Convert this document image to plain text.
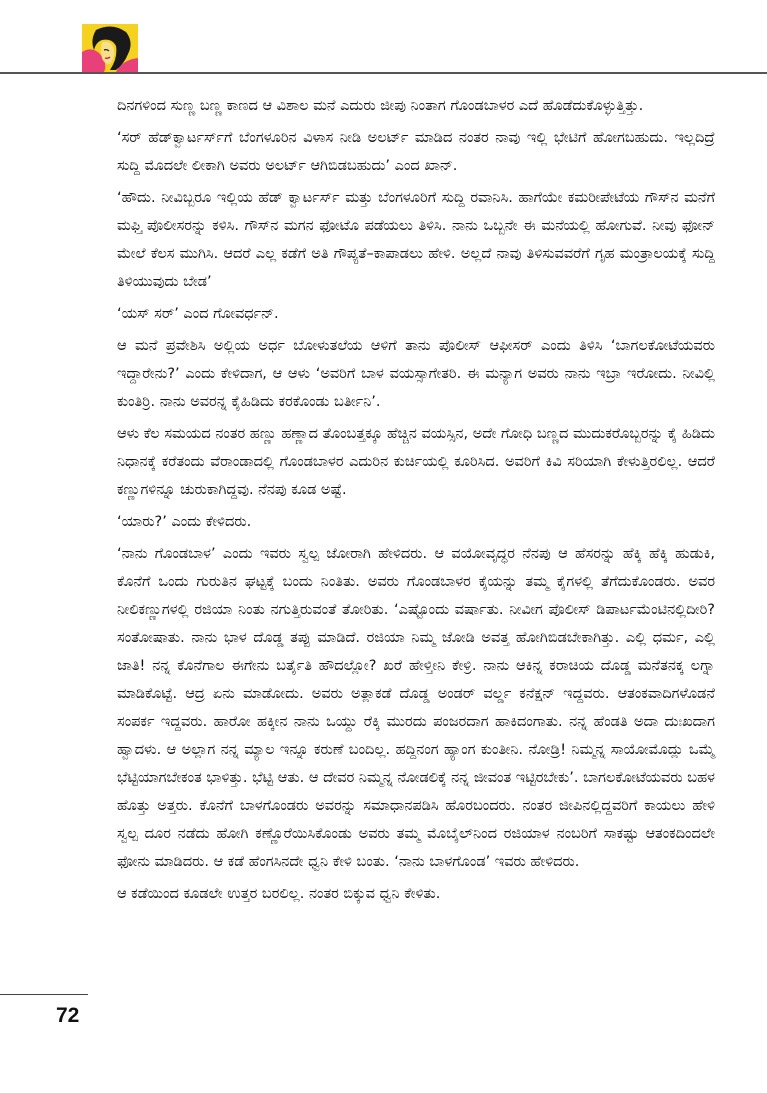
ದಿನಗಳಿಂದ ಸುಣ್ಣ ಬಣ್ಣ ಕಾಣದ ಆ ವಿಶಾಲ ಮನೆ ಎದುರು ಜೀಪು ನಿಂತಾಗ ಗೊಂಡಬಾಳರ ಎದೆ ಹೊಡೆದುಕೊಳ್ಳುತ್ತಿತ್ತು.

‘ಸರ್ ಹೆಡ್‌ಕ್ವಾರ್ಟರ್ಸ್‌ಗೆ ಬೆಂಗಳೂರಿನ ವಿಳಾಸ ನೀಡಿ ಅಲರ್ಟ್ ಮಾಡಿದ ನಂತರ ನಾವು ಇಲ್ಲಿ ಭೇಟಿಗೆ ಹೋಗಬಹುದು. ಇಲ್ಲದಿದ್ರೆ ಸುದ್ದಿ ಮೊದಲೇ ಲೀಕಾಗಿ ಅವರು ಅಲರ್ಟ್ ಆಗಿಬಿಡಬಹುದು’ ಎಂದ ಖಾನ್.

‘ಹೌದು. ನೀವಿಬ್ಬರೂ ಇಲ್ಲಿಯ ಹೆಡ್ ಕ್ವಾರ್ಟರ್ಸ್ ಮತ್ತು ಬೆಂಗಳೂರಿಗೆ ಸುದ್ದಿ ರವಾನಿಸಿ. ಹಾಗೆಯೇ ಕಮರೀಪೇಟೆಯ ಗೌಸ್‌ನ ಮನೆಗೆ ಮಫ್ತಿ ಪೊಲೀಸರನ್ನು ಕಳಿಸಿ. ಗೌಸ್‌ನ ಮಗನ ಫೋಟೊ ಪಡೆಯಲು ತಿಳಿಸಿ. ನಾನು ಒಬ್ಬನೇ ಈ ಮನೆಯಲ್ಲಿ ಹೋಗುವೆ. ನೀವು ಫೋನ್ ಮೇಲೆ ಕೆಲಸ ಮುಗಿಸಿ. ಆದರೆ ಎಲ್ಲ ಕಡೆಗೆ ಅತಿ ಗೌಪ್ಯತೆ–ಕಾಪಾಡಲು ಹೇಳಿ. ಅಲ್ಲದೆ ನಾವು ತಿಳಿಸುವವರೆಗೆ ಗೃಹ ಮಂತ್ರಾಲಯಕ್ಕೆ ಸುದ್ದಿ ತಿಳಿಯುವುದು ಬೇಡ’

‘ಯಸ್ ಸರ್’ ಎಂದ ಗೋವರ್ಧನ್.

ಆ ಮನೆ ಪ್ರವೇಶಿಸಿ ಅಲ್ಲಿಯ ಅರ್ಧ ಬೋಳುತಲೆಯ ಆಳಿಗೆ ತಾನು ಪೊಲೀಸ್ ಆಫೀಸರ್ ಎಂದು ತಿಳಿಸಿ ‘ಬಾಗಲಕೋಟೆಯವರು ಇದ್ದಾರೇನು?’ ಎಂದು ಕೇಳಿದಾಗ, ಆ ಆಳು ‘ಅವರಿಗೆ ಬಾಳ ವಯಸ್ಸಾಗೇತರಿ. ಈ ಮನ್ಯಾಗ ಅವರು ನಾನು ಇಬ್ರಾ ಇರೋದು. ನೀವಿಲ್ಲಿ ಕುಂತಿರ್ರಿ. ನಾನು ಅವರನ್ನ ಕೈಹಿಡಿದು ಕರಕೊಂಡು ಬರ್ತೀನಿ’.

ಆಳು ಕೆಲ ಸಮಯದ ನಂತರ ಹಣ್ಣು ಹಣ್ಣಾದ ತೊಂಬತ್ತಕ್ಕೂ ಹೆಚ್ಚಿನ ವಯಸ್ಸಿನ, ಅದೇ ಗೋಧಿ ಬಣ್ಣದ ಮುದುಕರೊಬ್ಬರನ್ನು ಕೈ ಹಿಡಿದು ನಿಧಾನಕ್ಕೆ ಕರೆತಂದು ವೆರಾಂಡಾದಲ್ಲಿ ಗೊಂಡಬಾಳರ ಎದುರಿನ ಕುರ್ಚಿಯಲ್ಲಿ ಕೂರಿಸಿದ. ಅವರಿಗೆ ಕಿವಿ ಸರಿಯಾಗಿ ಕೇಳುತ್ತಿರಲಿಲ್ಲ. ಆದರೆ ಕಣ್ಣುಗಳಿನ್ನೂ ಚುರುಕಾಗಿದ್ದವು. ನೆನಪು ಕೂಡ ಅಷ್ಟೆ.

‘ಯಾರು?’ ಎಂದು ಕೇಳಿದರು.

‘ನಾನು ಗೊಂಡಬಾಳ’ ಎಂದು ಇವರು ಸ್ವಲ್ಪ ಜೋರಾಗಿ ಹೇಳಿದರು. ಆ ವಯೋವೃದ್ಧರ ನೆನಪು ಆ ಹೆಸರನ್ನು ಹೆಕ್ಕಿ ಹೆಕ್ಕಿ ಹುಡುಕಿ, ಕೊನೆಗೆ ಒಂದು ಗುರುತಿನ ಘಟ್ಟಕ್ಕೆ ಬಂದು ನಿಂತಿತು. ಅವರು ಗೊಂಡಬಾಳರ ಕೈಯನ್ನು ತಮ್ಮ ಕೈಗಳಲ್ಲಿ ತೆಗೆದುಕೊಂಡರು. ಅವರ ನೀಲಿಕಣ್ಣುಗಳಲ್ಲಿ ರಜಿಯಾ ನಿಂತು ನಗುತ್ತಿರುವಂತೆ ತೋರಿತು. ‘ಎಷ್ಟೊಂದು ವರ್ಷಾತು. ನೀವೀಗ ಪೊಲೀಸ್ ಡಿಪಾರ್ಟಮೆಂಟಿನಲ್ಲಿದೀರಿ? ಸಂತೋಷಾತು. ನಾನು ಭಾಳ ದೊಡ್ಡ ತಪ್ಪು ಮಾಡಿದೆ. ರಜಿಯಾ ನಿಮ್ಮ ಜೋಡಿ ಅವತ್ತ ಹೋಗಿಬಿಡಬೇಕಾಗಿತ್ತು. ಎಲ್ಲಿ ಧರ್ಮ, ಎಲ್ಲಿ ಜಾತಿ! ನನ್ನ ಕೊನೆಗಾಲ ಈಗೇನು ಬರ್ತೈತಿ ಹೌದಲ್ಲೋ? ಖರೆ ಹೇಳ್ತೀನಿ ಕೇಳ್ರಿ. ನಾನು ಆಕಿನ್ನ ಕರಾಚಿಯ ದೊಡ್ಡ ಮನೆತನಕ್ಕ ಲಗ್ನಾ ಮಾಡಿಕೊಟ್ಟೆ. ಆದ್ರ ಏನು ಮಾಡೋದು. ಅವರು ಅತ್ಲಾಕಡೆ ದೊಡ್ಡ ಅಂಡರ್ ವರ್ಲ್ಡ ಕನೆಕ್ಷನ್ ಇದ್ದವರು. ಆತಂಕವಾದಿಗಳೊಡನೆ ಸಂಪರ್ಕ ಇದ್ದವರು. ಹಾರೋ ಹಕ್ಕೀನ ನಾನು ಒಯ್ದು ರೆಕ್ಕಿ ಮುರದು ಪಂಜರದಾಗ ಹಾಕಿದಂಗಾತು. ನನ್ನ ಹೆಂಡತಿ ಅದಾ ದುಃಖದಾಗ ಹ್ವಾದಳು. ಆ ಅಲ್ಲಾಗ ನನ್ನ ಮ್ಯಾಲ ಇನ್ನೂ ಕರುಣೆ ಬಂದಿಲ್ಲ. ಹದ್ದಿನಂಗ ಹ್ಯಾಂಗ ಕುಂತೀನಿ. ನೋಡ್ರಿ! ನಿಮ್ಮನ್ನ ಸಾಯೋಮೊದ್ಲು ಒಮ್ಮೆ ಭೆಟ್ಟಿಯಾಗಬೇಕಂತ ಭಾಳಿತ್ತು. ಭೆಟ್ಟಿ ಆತು. ಆ ದೇವರ ನಿಮ್ಮನ್ನ ನೋಡಲಿಕ್ಕೆ ನನ್ನ ಜೀವಂತ ಇಟ್ಟಿರಬೇಕು’. ಬಾಗಲಕೋಟೆಯವರು ಬಹಳ ಹೊತ್ತು ಅತ್ತರು. ಕೊನೆಗೆ ಬಾಳಗೊಂಡರು ಅವರನ್ನು ಸಮಾಧಾನಪಡಿಸಿ ಹೊರಬಂದರು. ನಂತರ ಜೀಪಿನಲ್ಲಿದ್ದವರಿಗೆ ಕಾಯಲು ಹೇಳಿ ಸ್ವಲ್ಪ ದೂರ ನಡೆದು ಹೋಗಿ ಕಣ್ಣೊರೆಯಿಸಿಕೊಂಡು ಅವರು ತಮ್ಮ ಮೊಬೈಲ್‌ನಿಂದ ರಜಿಯಾಳ ನಂಬರಿಗೆ ಸಾಕಷ್ಟು ಆತಂಕದಿಂದಲೇ ಫೋನು ಮಾಡಿದರು. ಆ ಕಡೆ ಹೆಂಗಸಿನದೇ ಧ್ವನಿ ಕೇಳಿ ಬಂತು. ‘ನಾನು ಬಾಳಗೊಂಡ’ ಇವರು ಹೇಳಿದರು.

ಆ ಕಡೆಯಿಂದ ಕೂಡಲೇ ಉತ್ತರ ಬರಲಿಲ್ಲ. ನಂತರ ಬಿಕ್ಕುವ ಧ್ವನಿ ಕೇಳಿತು.

72
